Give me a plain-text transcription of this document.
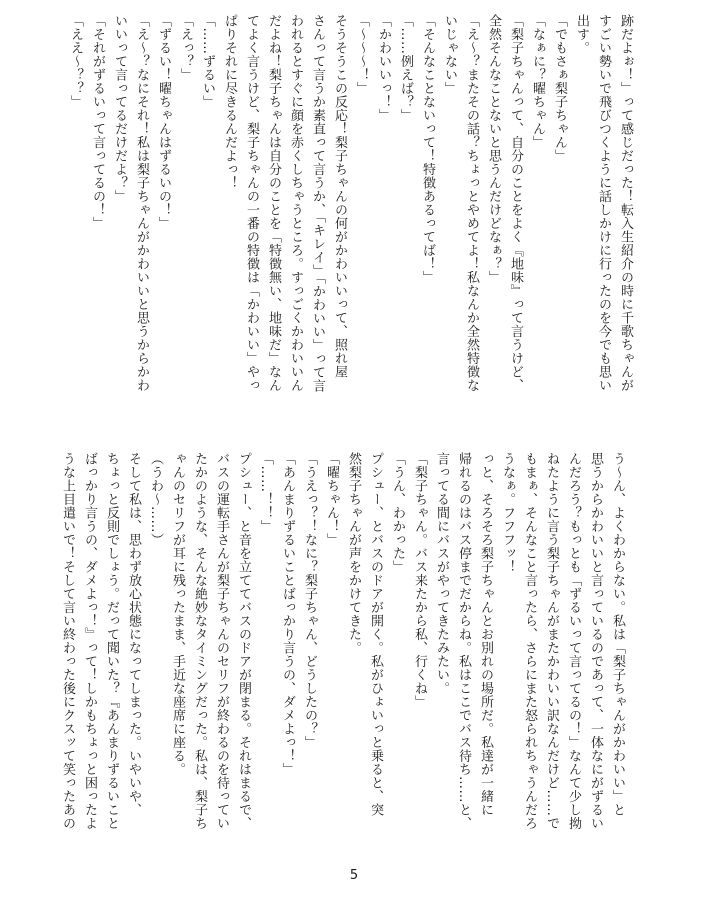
跡だよぉ！」って感じだった！転入生紹介の時に千歌ちゃんが
すごい勢いで飛びつくように話しかけに行ったのを今でも思い
出す。
「でもさぁ梨子ちゃん」
「なぁに？曜ちゃん」
「梨子ちゃんって、自分のことをよく『地味』って言うけど、
全然そんなことないと思うんだけどなぁ？」
「え〜？またその話？ちょっとやめてよ！私なんか全然特徴な
いじゃない」
「そんなことないって！特徴あるってば！」
「……例えば？」
「かわいいっ！」
「〜〜〜！」
そうそうこの反応！梨子ちゃんの何がかわいいって、照れ屋
さんって言うか素直って言うか、「キレイ」「かわいい」って言
われるとすぐに顔を赤くしちゃうところ。すっごくかわいいん
だよね！梨子ちゃんは自分のことを「特徴無い、地味だ」なん
てよく言うけど、梨子ちゃんの一番の特徴は「かわいい」やっ
ぱりそれに尽きるんだよっ！
「……ずるい」
「えっ？」
「ずるい！曜ちゃんはずるいの！」
「え〜？なにそれ！私は梨子ちゃんがかわいいと思うからかわ
いいって言ってるだけだよ？」
「それがずるいって言ってるの！」
「ええ〜？？」
う〜ん、よくわからない。私は「梨子ちゃんがかわいい」と
思うからかわいいと言っているのであって、一体なにがずるい
んだろう？もっとも「ずるいって言ってるの！」なんて少し拗
ねたように言う梨子ちゃんがまたかわいい訳なんだけど……で
もまぁ、そんなこと言ったら、さらにまた怒られちゃうんだろ
うなぁ。フフフッ！
っと、そろそろ梨子ちゃんとお別れの場所だ。私達が一緒に
帰れるのはバス停までだからね。私はここでバス待ち……と、
言ってる間にバスがやってきたみたい。
「梨子ちゃん。バス来たから私、行くね」
「うん、わかった」
プシュー、とバスのドアが開く。私がひょいっと乗ると、突
然梨子ちゃんが声をかけてきた。
「曜ちゃん！」
「うえっ？！なに？梨子ちゃん、どうしたの？」
「あんまりずるいことばっかり言うの、ダメよっ！」
「……！！」
プシュー、と音を立ててバスのドアが閉まる。それはまるで、
バスの運転手さんが梨子ちゃんのセリフが終わるのを待ってい
たかのような、そんな絶妙なタイミングだった。私は、梨子ち
ゃんのセリフが耳に残ったまま、手近な座席に座る。
（うわ〜……）
そして私は、思わず放心状態になってしまった。いやいや、
ちょっと反則でしょう。だって聞いた？『あんまりずるいこと
ばっかり言うの、ダメよっ！』って！しかもちょっと困ったよ
うな上目遣いで！そして言い終わった後にクスッて笑ったあの
5
